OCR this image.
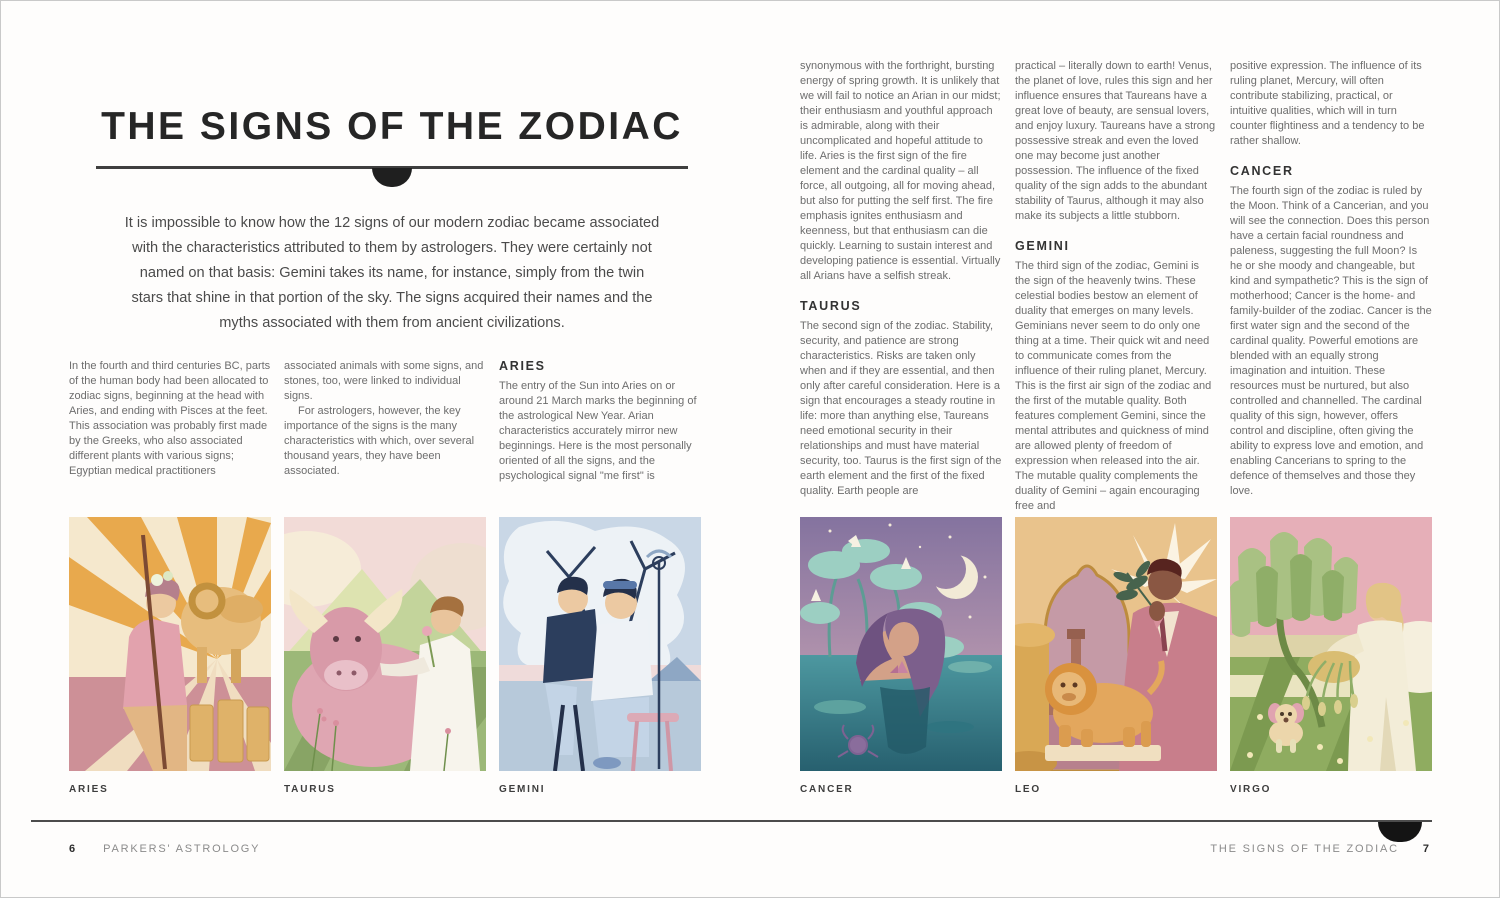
THE SIGNS OF THE ZODIAC

It is impossible to know how the 12 signs of our modern zodiac became associated with the characteristics attributed to them by astrologers. They were certainly not named on that basis: Gemini takes its name, for instance, simply from the twin stars that shine in that portion of the sky. The signs acquired their names and the myths associated with them from ancient civilizations.

In the fourth and third centuries BC, parts of the human body had been allocated to zodiac signs, beginning at the head with Aries, and ending with Pisces at the feet. This association was probably first made by the Greeks, who also associated different plants with various signs; Egyptian medical practitioners

associated animals with some signs, and stones, too, were linked to individual signs.

For astrologers, however, the key importance of the signs is the many characteristics with which, over several thousand years, they have been associated.

ARIES

The entry of the Sun into Aries on or around 21 March marks the beginning of the astrological New Year. Arian characteristics accurately mirror new beginnings. Here is the most personally oriented of all the signs, and the psychological signal "me first" is

ARIES	TAURUS	GEMINI
6	PARKERS' ASTROLOGY

synonymous with the forthright, bursting energy of spring growth. It is unlikely that we will fail to notice an Arian in our midst; their enthusiasm and youthful approach is admirable, along with their uncomplicated and hopeful attitude to life. Aries is the first sign of the fire element and the cardinal quality – all force, all outgoing, all for moving ahead, but also for putting the self first. The fire emphasis ignites enthusiasm and keenness, but that enthusiasm can die quickly. Learning to sustain interest and developing patience is essential. Virtually all Arians have a selfish streak.

TAURUS

The second sign of the zodiac. Stability, security, and patience are strong characteristics. Risks are taken only when and if they are essential, and then only after careful consideration. Here is a sign that encourages a steady routine in life: more than anything else, Taureans need emotional security in their relationships and must have material security, too. Taurus is the first sign of the earth element and the first of the fixed quality. Earth people are

practical – literally down to earth! Venus, the planet of love, rules this sign and her influence ensures that Taureans have a great love of beauty, are sensual lovers, and enjoy luxury. Taureans have a strong possessive streak and even the loved one may become just another possession. The influence of the fixed quality of the sign adds to the abundant stability of Taurus, although it may also make its subjects a little stubborn.

GEMINI

The third sign of the zodiac, Gemini is the sign of the heavenly twins. These celestial bodies bestow an element of duality that emerges on many levels. Geminians never seem to do only one thing at a time. Their quick wit and need to communicate comes from the influence of their ruling planet, Mercury. This is the first air sign of the zodiac and the first of the mutable quality. Both features complement Gemini, since the mental attributes and quickness of mind are allowed plenty of freedom of expression when released into the air. The mutable quality complements the duality of Gemini – again encouraging free and

positive expression. The influence of its ruling planet, Mercury, will often contribute stabilizing, practical, or intuitive qualities, which will in turn counter flightiness and a tendency to be rather shallow.

CANCER

The fourth sign of the zodiac is ruled by the Moon. Think of a Cancerian, and you will see the connection. Does this person have a certain facial roundness and paleness, suggesting the full Moon? Is he or she moody and changeable, but kind and sympathetic? This is the sign of motherhood; Cancer is the home- and family-builder of the zodiac. Cancer is the first water sign and the second of the cardinal quality. Powerful emotions are blended with an equally strong imagination and intuition. These resources must be nurtured, but also controlled and channelled. The cardinal quality of this sign, however, offers control and discipline, often giving the ability to express love and emotion, and enabling Cancerians to spring to the defence of themselves and those they love.

CANCER	LEO	VIRGO
THE SIGNS OF THE ZODIAC 7
